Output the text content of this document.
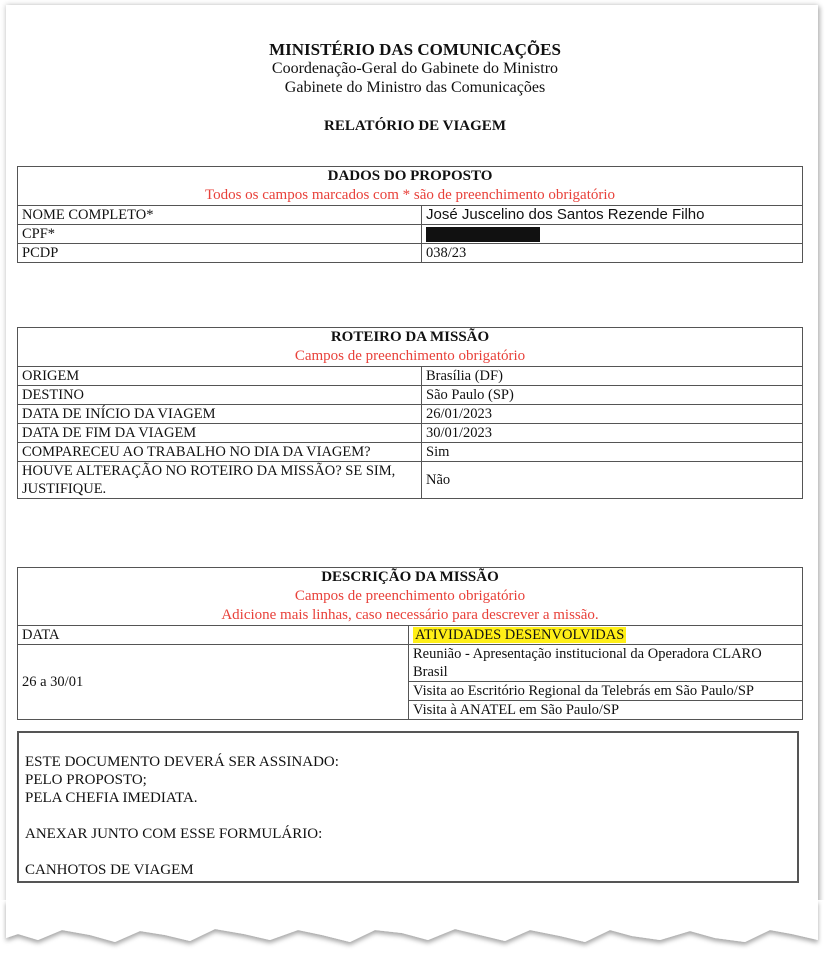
MINISTÉRIO DAS COMUNICAÇÕES
Coordenação-Geral do Gabinete do Ministro
Gabinete do Ministro das Comunicações
RELATÓRIO DE VIAGEM
DADOS DO PROPOSTO
Todos os campos marcados com * são de preenchimento obrigatório	

NOME COMPLETO*	José Juscelino dos Santos Rezende Filho
CPF*	
PCDP	038/23
ROTEIRO DA MISSÃO
Campos de preenchimento obrigatório	

ORIGEM	Brasília (DF)
DESTINO	São Paulo (SP)
DATA DE INÍCIO DA VIAGEM	26/01/2023
DATA DE FIM DA VIAGEM	30/01/2023
COMPARECEU AO TRABALHO NO DIA DA VIAGEM?	Sim
HOUVE ALTERAÇÃO NO ROTEIRO DA MISSÃO? SE SIM, JUSTIFIQUE.	Não
DESCRIÇÃO DA MISSÃO
Campos de preenchimento obrigatório
Adicione mais linhas, caso necessário para descrever a missão.	

DATA	ATIVIDADES DESENVOLVIDAS
26 a 30/01	Reunião - Apresentação institucional da Operadora CLARO Brasil
	Visita ao Escritório Regional da Telebrás em São Paulo/SP
	Visita à ANATEL em São Paulo/SP

ESTE DOCUMENTO DEVERÁ SER ASSINADO:

PELO PROPOSTO;

PELA CHEFIA IMEDIATA.

ANEXAR JUNTO COM ESSE FORMULÁRIO:

CANHOTOS DE VIAGEM
